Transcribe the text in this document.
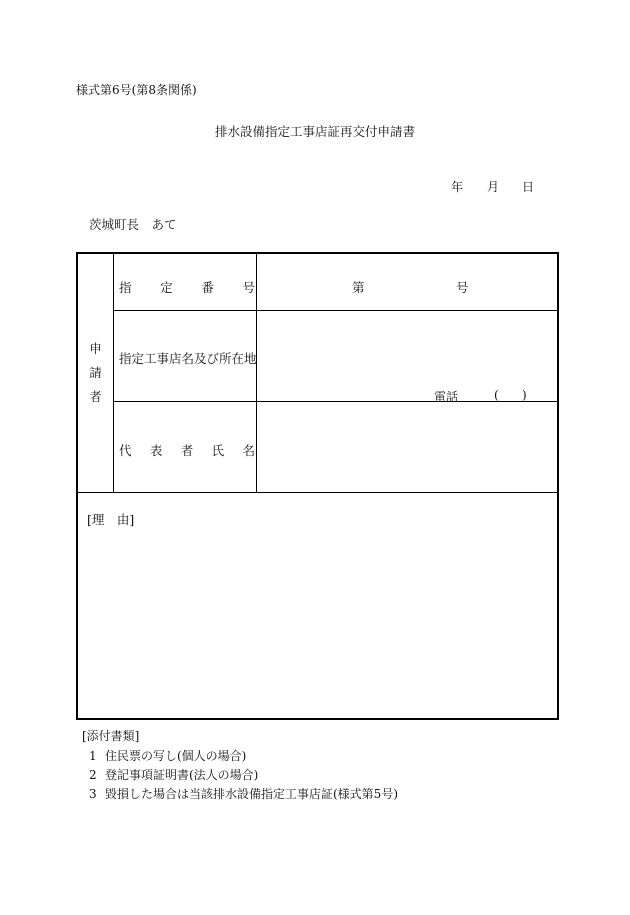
様式第6号(第8条関係)
排水設備指定工事店証再交付申請書
年 月 日
茨城町長　あて
申
請
者
指 定 番 号	第	号
指定工事店名及び所在地
電話	( )
代 表 者 氏 名
[理　由]
[添付書類]
1 住民票の写し(個人の場合)
2 登記事項証明書(法人の場合)
3 毀損した場合は当該排水設備指定工事店証(様式第5号)
